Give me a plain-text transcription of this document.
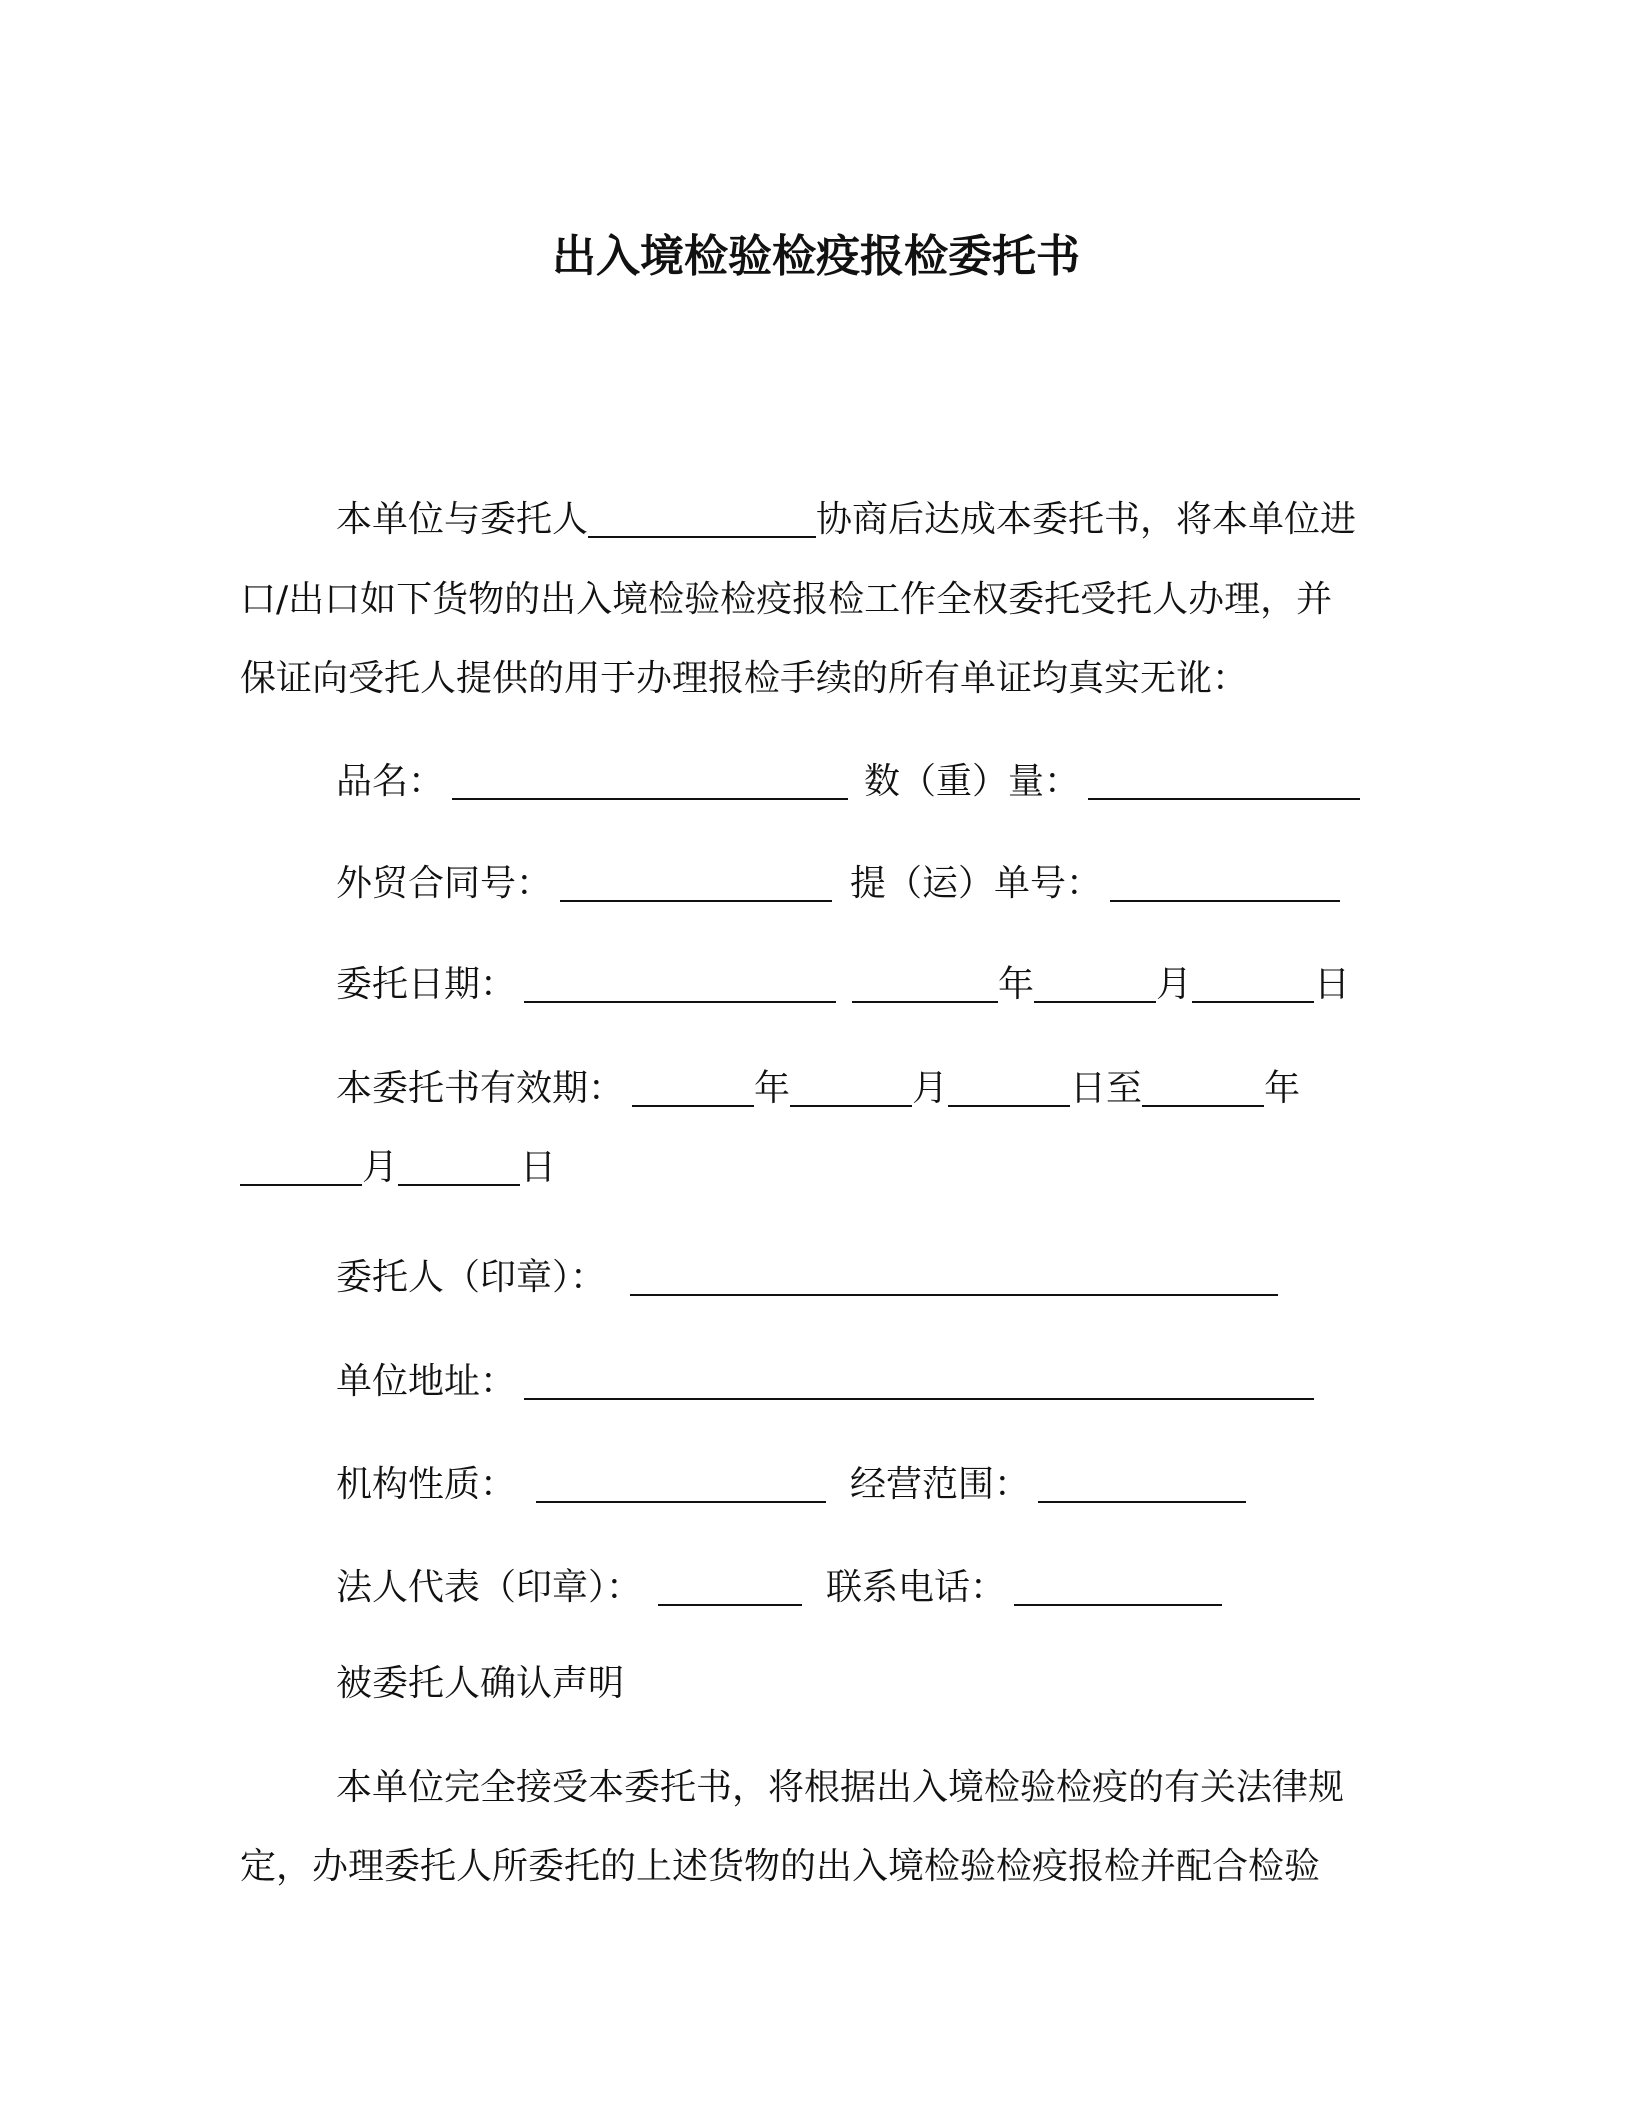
出入境检验检疫报检委托书
本单位与委托人	协商后达成本委托书，将本单位进
口/出口如下货物的出入境检验检疫报检工作全权委托受托人办理，并
保证向受托人提供的用于办理报检手续的所有单证均真实无讹：
品名：	数（重）量：
外贸合同号：	提（运）单号：
委托日期：	年	月	日
本委托书有效期：	年	月	日至	年
月	日
委托人（印章）：
单位地址：
机构性质：	经营范围：
法人代表（印章）：	联系电话：
被委托人确认声明
本单位完全接受本委托书，将根据出入境检验检疫的有关法律规
定，办理委托人所委托的上述货物的出入境检验检疫报检并配合检验
